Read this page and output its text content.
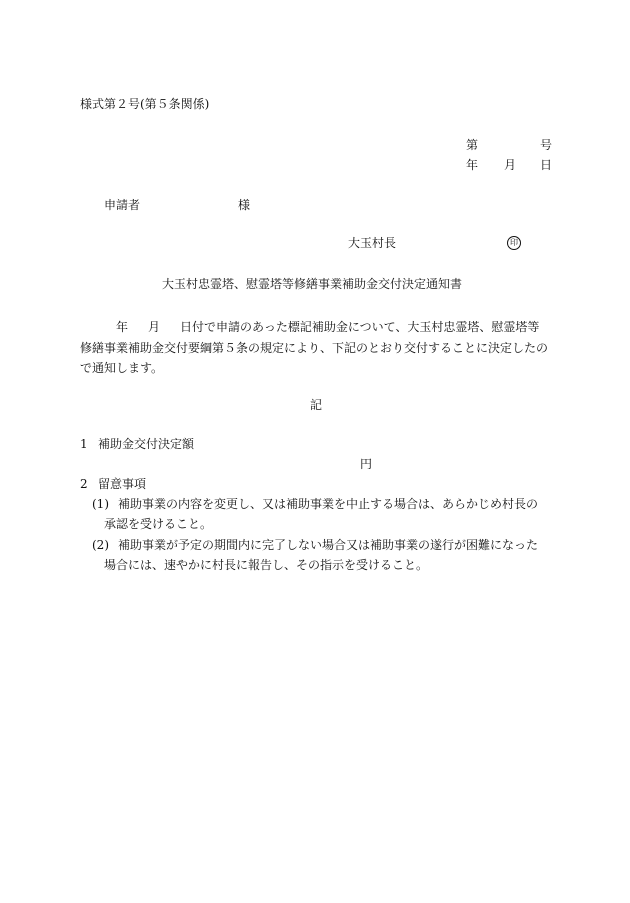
様式第２号(第５条関係)
第	号
年 月 日
申請者	様
大玉村長	印
大玉村忠霊塔、慰霊塔等修繕事業補助金交付決定通知書
年 月 日付で申請のあった標記補助金について、大玉村忠霊塔、慰霊塔等
修繕事業補助金交付要綱第５条の規定により、下記のとおり交付することに決定したの
で通知します。
記
1 補助金交付決定額
円
2 留意事項
(1) 補助事業の内容を変更し、又は補助事業を中止する場合は、あらかじめ村長の
承認を受けること。
(2) 補助事業が予定の期間内に完了しない場合又は補助事業の遂行が困難になった
場合には、速やかに村長に報告し、その指示を受けること。
